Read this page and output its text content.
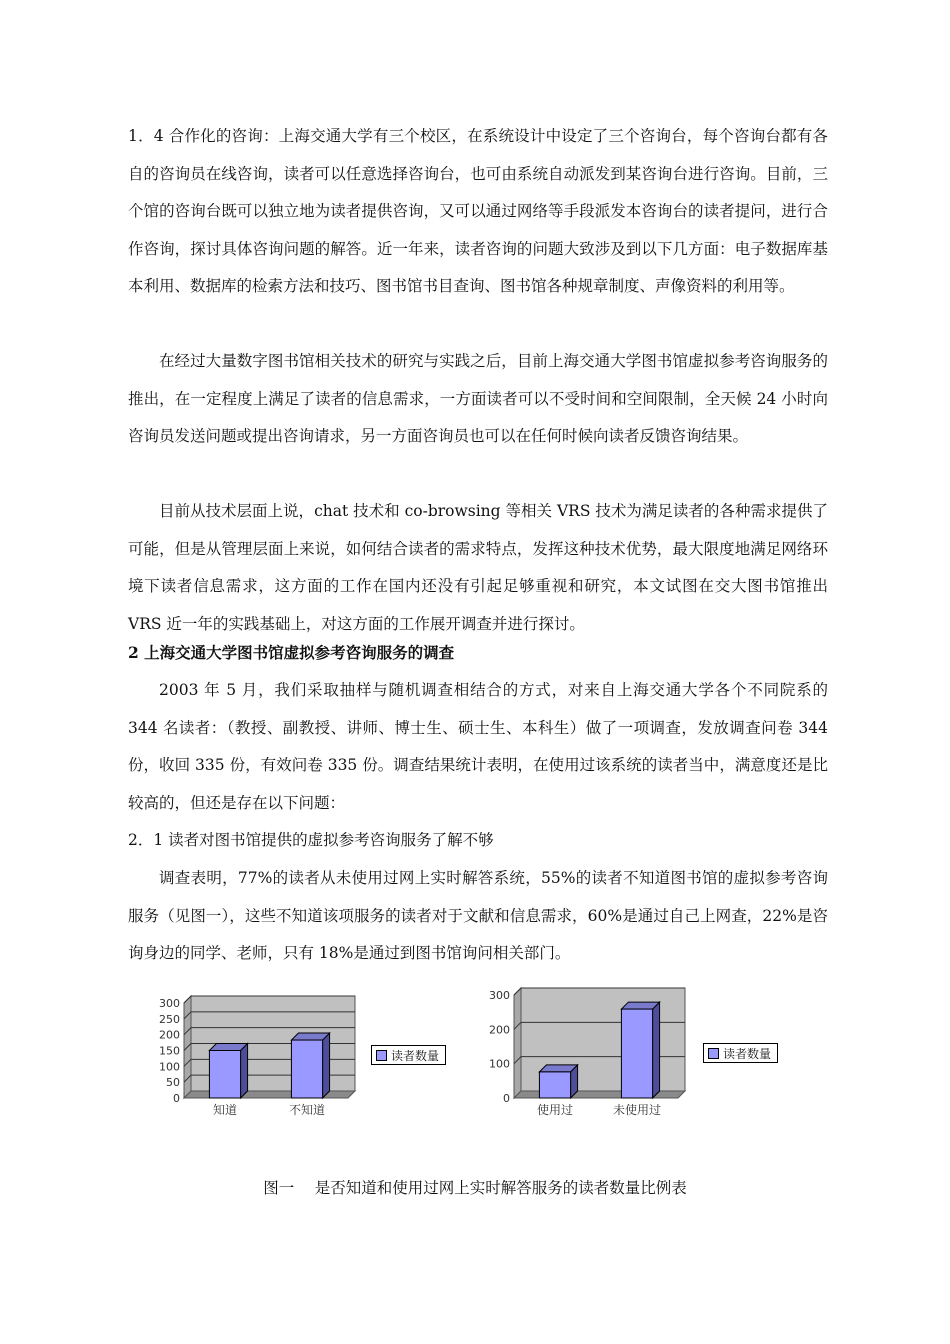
1．4 合作化的咨询：上海交通大学有三个校区，在系统设计中设定了三个咨询台，每个咨询台都有各自的咨询员在线咨询，读者可以任意选择咨询台，也可由系统自动派发到某咨询台进行咨询。目前，三个馆的咨询台既可以独立地为读者提供咨询，又可以通过网络等手段派发本咨询台的读者提问，进行合作咨询，探讨具体咨询问题的解答。近一年来，读者咨询的问题大致涉及到以下几方面：电子数据库基本利用、数据库的检索方法和技巧、图书馆书目查询、图书馆各种规章制度、声像资料的利用等。

在经过大量数字图书馆相关技术的研究与实践之后，目前上海交通大学图书馆虚拟参考咨询服务的推出，在一定程度上满足了读者的信息需求，一方面读者可以不受时间和空间限制，全天候 24 小时向咨询员发送问题或提出咨询请求，另一方面咨询员也可以在任何时候向读者反馈咨询结果。

目前从技术层面上说，chat 技术和 co-browsing 等相关 VRS 技术为满足读者的各种需求提供了可能，但是从管理层面上来说，如何结合读者的需求特点，发挥这种技术优势，最大限度地满足网络环境下读者信息需求，这方面的工作在国内还没有引起足够重视和研究，本文试图在交大图书馆推出 VRS 近一年的实践基础上，对这方面的工作展开调查并进行探讨。

2 上海交通大学图书馆虚拟参考咨询服务的调查

2003 年 5 月，我们采取抽样与随机调查相结合的方式，对来自上海交通大学各个不同院系的 344 名读者：（教授、副教授、讲师、博士生、硕士生、本科生）做了一项调查，发放调查问卷 344 份，收回 335 份，有效问卷 335 份。调查结果统计表明，在使用过该系统的读者当中，满意度还是比较高的，但还是存在以下问题：

2．1 读者对图书馆提供的虚拟参考咨询服务了解不够

调查表明，77%的读者从未使用过网上实时解答系统，55%的读者不知道图书馆的虚拟参考咨询服务（见图一），这些不知道该项服务的读者对于文献和信息需求，60%是通过自己上网查，22%是咨询身边的同学、老师，只有 18%是通过到图书馆询问相关部门。

0
50
100
150
200
250
300
知道	不知道
读者数量
0
100
200
300
使用过	未使用过
读者数量
图一　 是否知道和使用过网上实时解答服务的读者数量比例表
